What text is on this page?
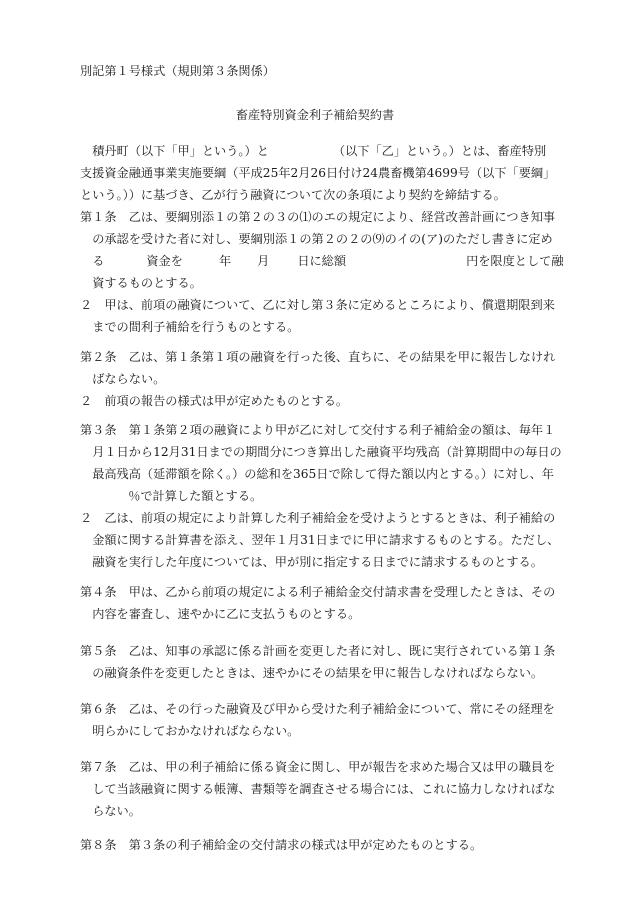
別記第１号様式（規則第３条関係）
畜産特別資金利子補給契約書
積丹町（以下「甲」という。）と	（以下「乙」という。）とは、畜産特別支援資金融通事業実施要綱（平成25年2月26日付け24農畜機第4699号（以下「要綱」という。））に基づき、乙が行う融資について次の条項により契約を締結する。
第１条　乙は、要綱別添１の第２の３の⑴のエの規定により、経営改善計画につき知事の承認を受けた者に対し、要綱別添１の第２の２の⑼のイの(ア)のただし書きに定める	資金を	年 月 日に総額	円を限度として融資するものとする。
２　甲は、前項の融資について、乙に対し第３条に定めるところにより、償還期限到来までの間利子補給を行うものとする。
第２条　乙は、第１条第１項の融資を行った後、直ちに、その結果を甲に報告しなければならない。
２　前項の報告の様式は甲が定めたものとする。
第３条　第１条第２項の融資により甲が乙に対して交付する利子補給金の額は、毎年１月１日から12月31日までの期間分につき算出した融資平均残高（計算期間中の毎日の最高残高（延滞額を除く。）の総和を365日で除して得た額以内とする。）に対し、年％で計算した額とする。
２　乙は、前項の規定により計算した利子補給金を受けようとするときは、利子補給の金額に関する計算書を添え、翌年１月31日までに甲に請求するものとする。ただし、融資を実行した年度については、甲が別に指定する日までに請求するものとする。
第４条　甲は、乙から前項の規定による利子補給金交付請求書を受理したときは、その内容を審査し、速やかに乙に支払うものとする。
第５条　乙は、知事の承認に係る計画を変更した者に対し、既に実行されている第１条の融資条件を変更したときは、速やかにその結果を甲に報告しなければならない。
第６条　乙は、その行った融資及び甲から受けた利子補給金について、常にその経理を明らかにしておかなければならない。
第７条　乙は、甲の利子補給に係る資金に関し、甲が報告を求めた場合又は甲の職員をして当該融資に関する帳簿、書類等を調査させる場合には、これに協力しなければならない。
第８条　第３条の利子補給金の交付請求の様式は甲が定めたものとする。
